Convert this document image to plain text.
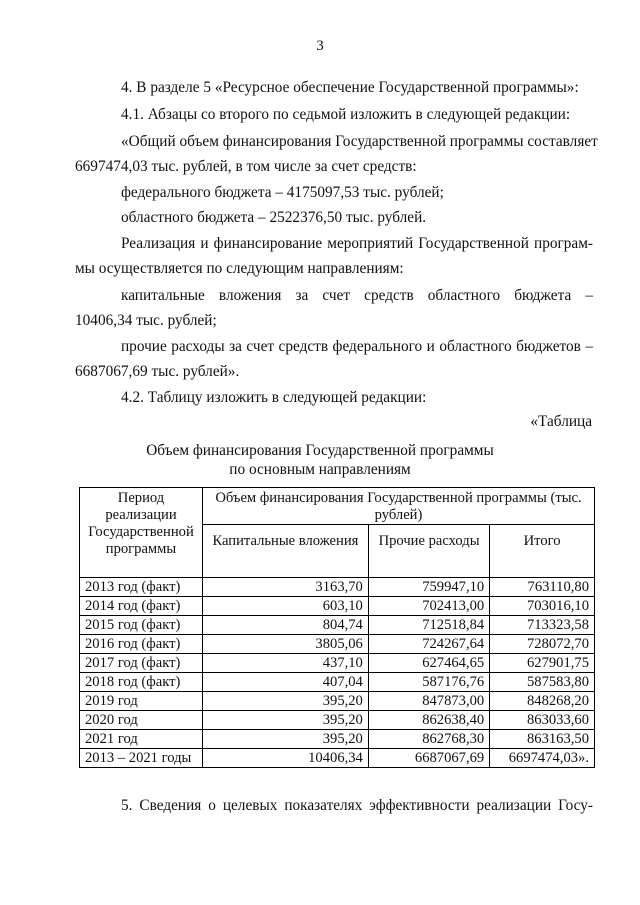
3
4. В разделе 5 «Ресурсное обеспечение Государственной программы»:
4.1. Абзацы со второго по седьмой изложить в следующей редакции:
«Общий объем финансирования Государственной программы составляет
6697474,03 тыс. рублей, в том числе за счет средств:
федерального бюджета – 4175097,53 тыс. рублей;
областного бюджета – 2522376,50 тыс. рублей.
Реализация и финансирование мероприятий Государственной програм-
мы осуществляется по следующим направлениям:
капитальные вложения за счет средств областного бюджета –
10406,34 тыс. рублей;
прочие расходы за счет средств федерального и областного бюджетов –
6687067,69 тыс. рублей».
4.2. Таблицу изложить в следующей редакции:
«Таблица
Объем финансирования Государственной программы
по основным направлениям
Период реализации Государственной программы	Объем финансирования Государственной программы (тыс. рублей)		
	Капитальные вложения	Прочие расходы	Итого
2013 год (факт)	3163,70	759947,10	763110,80
2014 год (факт)	603,10	702413,00	703016,10
2015 год (факт)	804,74	712518,84	713323,58
2016 год (факт)	3805,06	724267,64	728072,70
2017 год (факт)	437,10	627464,65	627901,75
2018 год (факт)	407,04	587176,76	587583,80
2019 год	395,20	847873,00	848268,20
2020 год	395,20	862638,40	863033,60
2021 год	395,20	862768,30	863163,50
2013 – 2021 годы	10406,34	6687067,69	6697474,03».
5. Сведения о целевых показателях эффективности реализации Госу-
